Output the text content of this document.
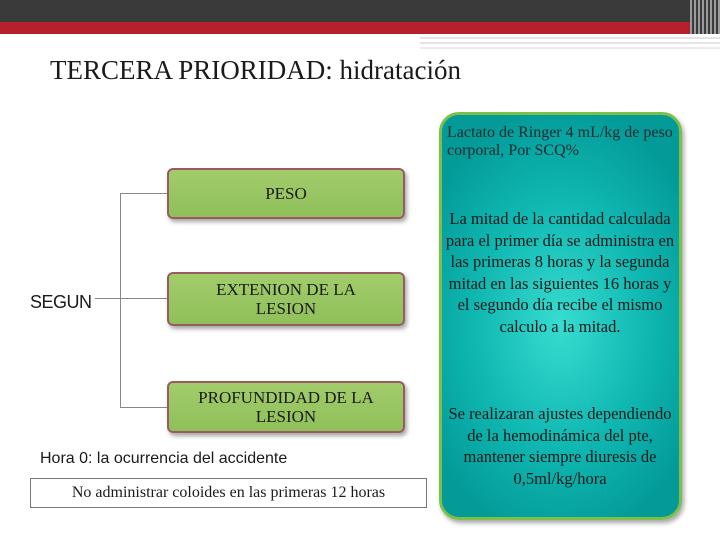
TERCERA PRIORIDAD: hidratación
SEGUN
PESO
EXTENION DE LA LESION
PROFUNDIDAD DE LA LESION
Hora 0: la ocurrencia del accidente
No administrar coloides en las primeras 12 horas
Lactato de Ringer 4 mL/kg de peso corporal, Por SCQ%
La mitad de la cantidad calculada para el primer día se administra en las primeras 8 horas y la segunda mitad en las siguientes 16 horas y el segundo día recibe el mismo calculo a la mitad.
Se realizaran ajustes dependiendo de la hemodinámica del pte, mantener siempre diuresis de 0,5ml/kg/hora
